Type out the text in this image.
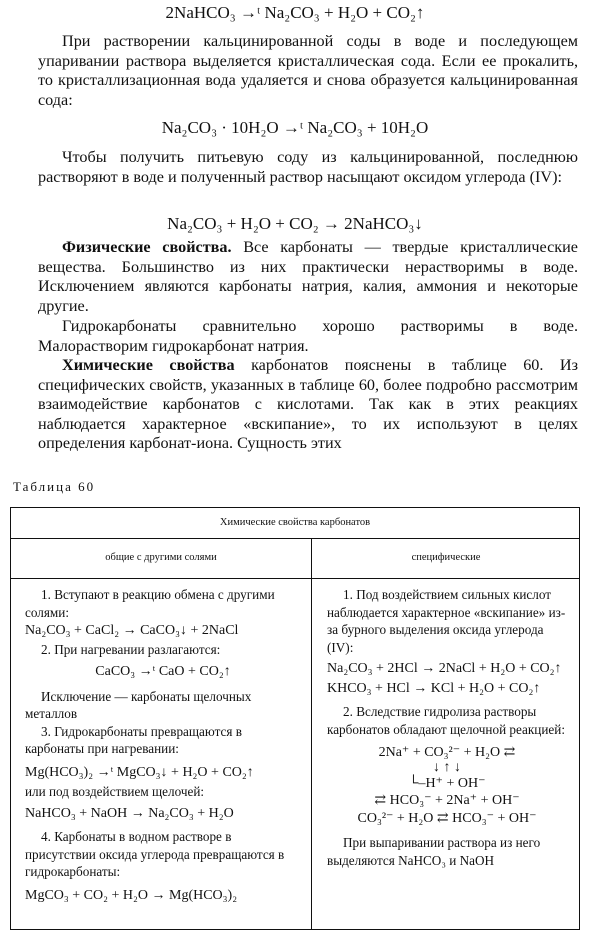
2NaHCO₃ →ᵗ Na₂CO₃ + H₂O + CO₂↑

При растворении кальцинированной соды в воде и последующем упаривании раствора выделяется кристаллическая сода. Если ее прокалить, то кристаллизационная вода удаляется и снова образуется кальцинированная сода:

Na₂CO₃ · 10H₂O →ᵗ Na₂CO₃ + 10H₂O

Чтобы получить питьевую соду из кальцинированной, последнюю растворяют в воде и полученный раствор насыщают оксидом углерода (IV):

Na₂CO₃ + H₂O + CO₂ → 2NaHCO₃↓

Физические свойства. Все карбонаты — твердые кристаллические вещества. Большинство из них практически нерастворимы в воде. Исключением являются карбонаты натрия, калия, аммония и некоторые другие.

Гидрокарбонаты сравнительно хорошо растворимы в воде. Малорастворим гидрокарбонат натрия.

Химические свойства карбонатов пояснены в таблице 60. Из специфических свойств, указанных в таблице 60, более подробно рассмотрим взаимодействие карбонатов с кислотами. Так как в этих реакциях наблюдается характерное «вскипание», то их используют в целях определения карбонат-иона. Сущность этих

Таблица 60
Химические свойства карбонатов
общие с другими солями	специфические

1. Вступают в реакцию обмена с другими солями:

Na₂CO₃ + CaCl₂ → CaCO₃↓ + 2NaCl

2. При нагревании разлагаются:

CaCO₃ →ᵗ CaO + CO₂↑

Исключение — карбонаты щелочных металлов

3. Гидрокарбонаты превращаются в карбонаты при нагревании:

Mg(HCO₃)₂ →ᵗ MgCO₃↓ + H₂O + CO₂↑

или под воздействием щелочей:

NaHCO₃ + NaOH → Na₂CO₃ + H₂O

4. Карбонаты в водном растворе в присутствии оксида углерода превращаются в гидрокарбонаты:

MgCO₃ + CO₂ + H₂O → Mg(HCO₃)₂

1. Под воздействием сильных кислот наблюдается характерное «вскипание» из-за бурного выделения оксида углерода (IV):

Na₂CO₃ + 2HCl → 2NaCl + H₂O + CO₂↑

KHCO₃ + HCl → KCl + H₂O + CO₂↑

2. Вследствие гидролиза растворы карбонатов обладают щелочной реакцией:

2Na⁺ + CO₃²⁻ + H₂O ⇄

↓ ↑ ↓

└–H⁺ + OH⁻

⇄ HCO₃⁻ + 2Na⁺ + OH⁻

CO₃²⁻ + H₂O ⇄ HCO₃⁻ + OH⁻

При выпаривании раствора из него выделяются NaHCO₃ и NaOH
